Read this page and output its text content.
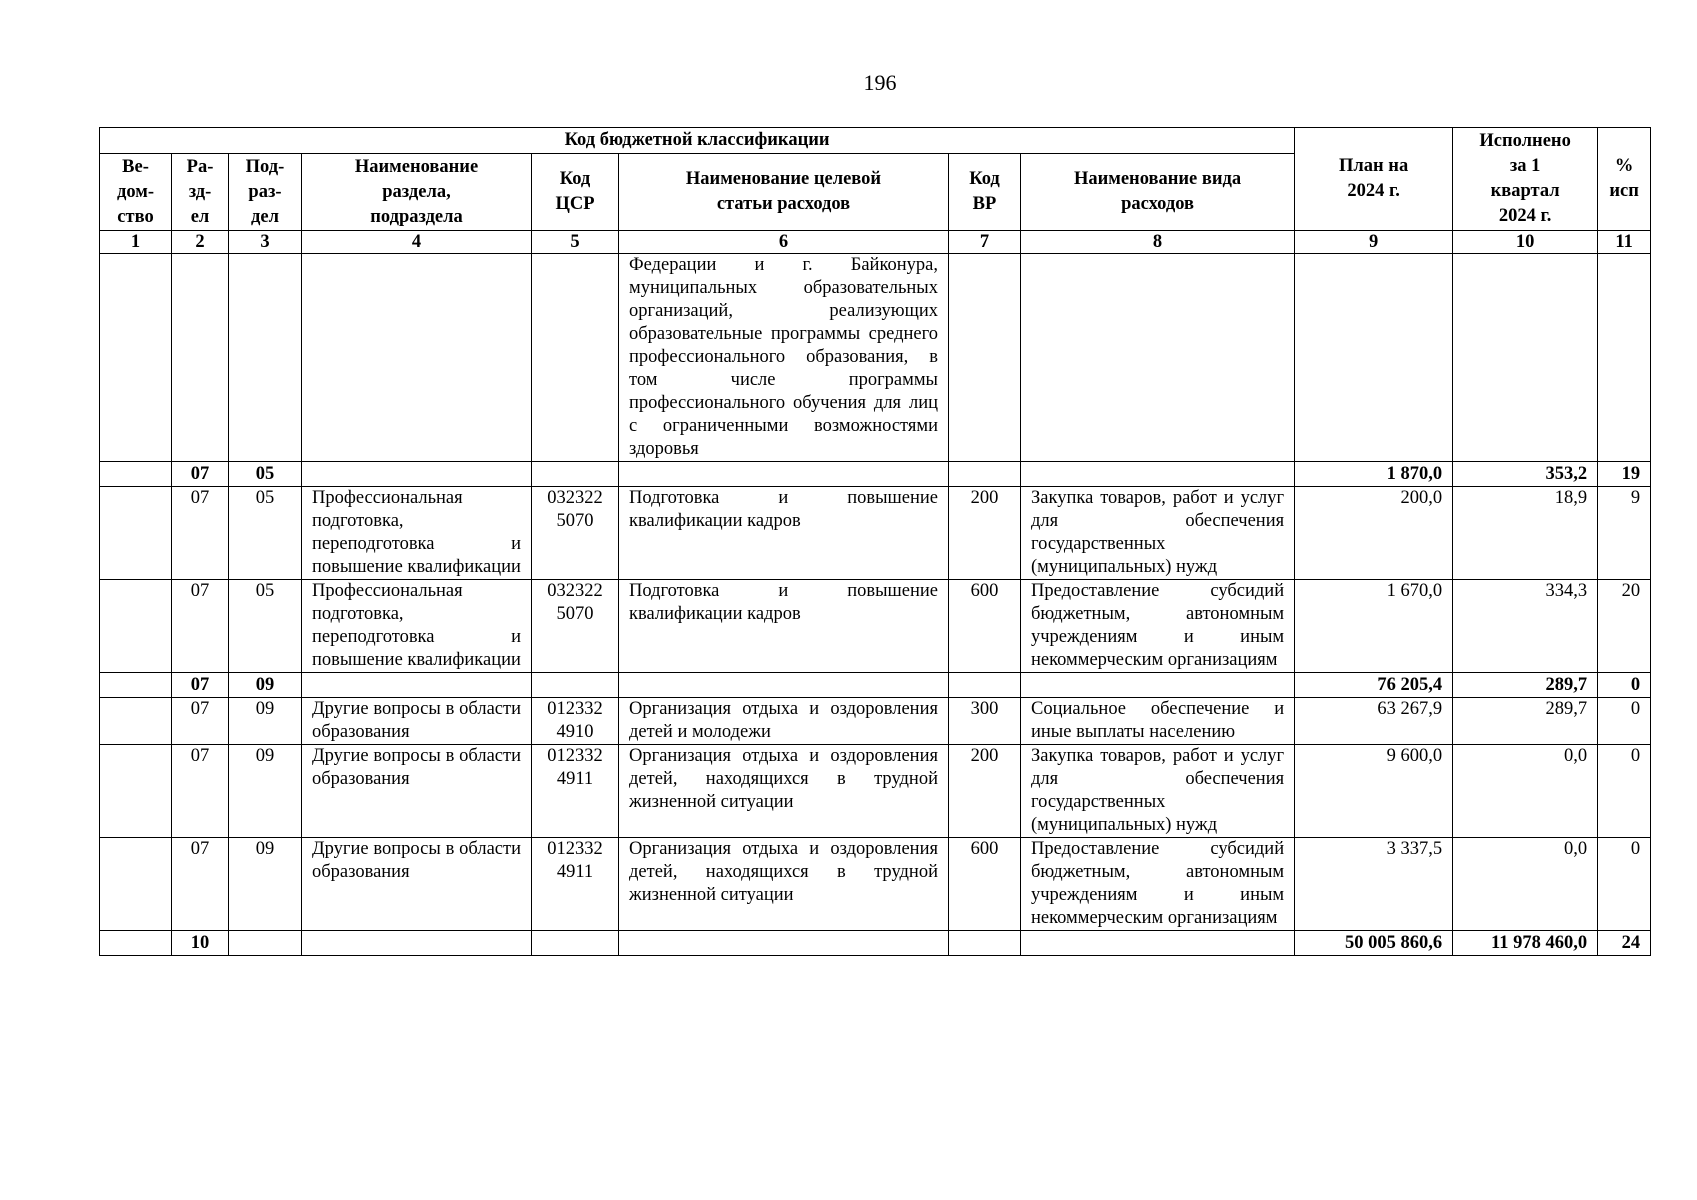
196
Код бюджетной классификации								План на
2024 г.	Исполнено
за 1
квартал
2024 г.	%
исп
Ве-
дом-
ство	Ра-
зд-
ел	Под-
раз-
дел	Наименование
раздела,
подраздела	Код
ЦСР	Наименование целевой
статьи расходов	Код
ВР	Наименование вида
расходов			
1	2	3	4	5	6	7	8	9	10	11
					Федерации и г. Байконура, муниципальных образовательных организаций, реализующих образовательные программы среднего профессионального образования, в том числе программы профессионального обучения для лиц с ограниченными возможностями здоровья					
	07	05						1 870,0	353,2	19
	07	05	Профессиональная подготовка, переподготовка и повышение квалификации	032322
5070	Подготовка и повышение квалификации кадров	200	Закупка товаров, работ и услуг для обеспечения государственных (муниципальных) нужд	200,0	18,9	9
	07	05	Профессиональная подготовка, переподготовка и повышение квалификации	032322
5070	Подготовка и повышение квалификации кадров	600	Предоставление субсидий бюджетным, автономным учреждениям и иным некоммерческим организациям	1 670,0	334,3	20
	07	09						76 205,4	289,7	0
	07	09	Другие вопросы в области образования	012332
4910	Организация отдыха и оздоровления детей и молодежи	300	Социальное обеспечение и иные выплаты населению	63 267,9	289,7	0
	07	09	Другие вопросы в области образования	012332
4911	Организация отдыха и оздоровления детей, находящихся в трудной жизненной ситуации	200	Закупка товаров, работ и услуг для обеспечения государственных (муниципальных) нужд	9 600,0	0,0	0
	07	09	Другие вопросы в области образования	012332
4911	Организация отдыха и оздоровления детей, находящихся в трудной жизненной ситуации	600	Предоставление субсидий бюджетным, автономным учреждениям и иным некоммерческим организациям	3 337,5	0,0	0
	10							50 005 860,6	11 978 460,0	24
